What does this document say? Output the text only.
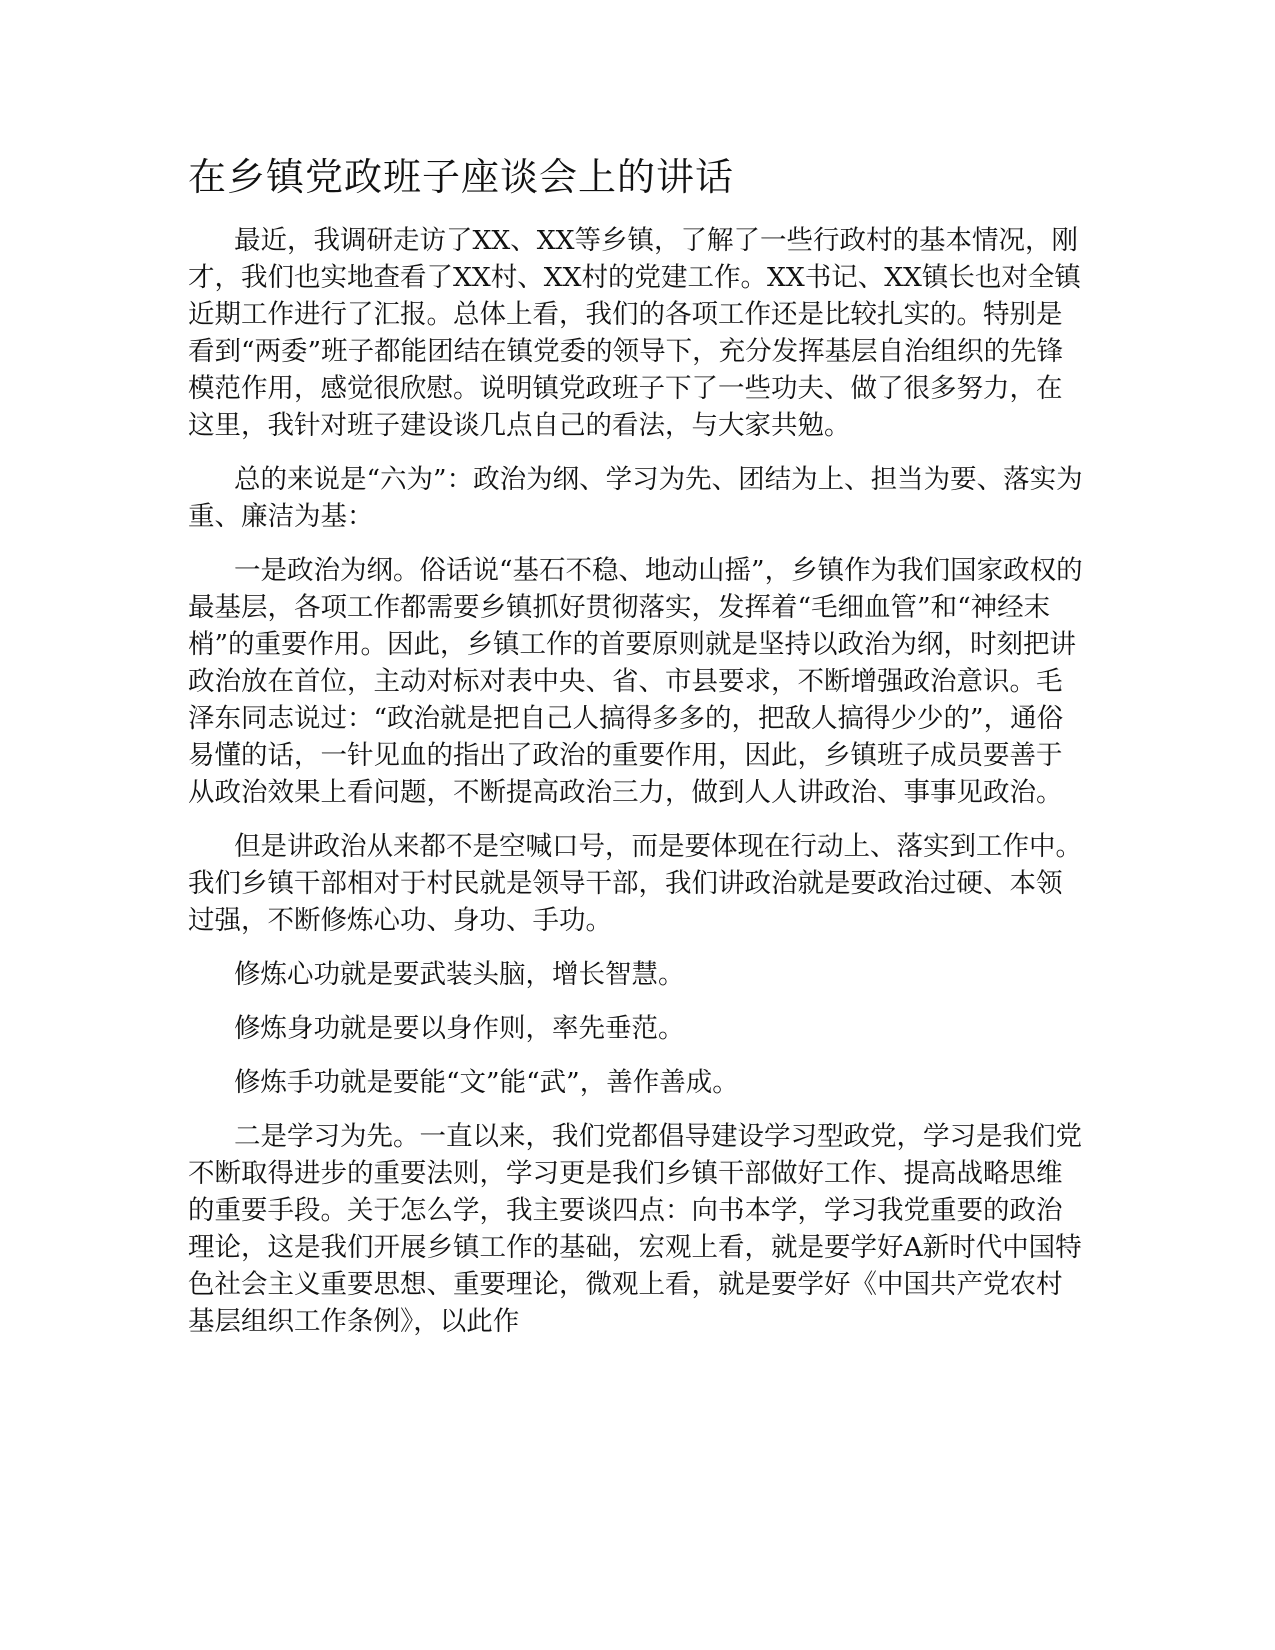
在乡镇党政班子座谈会上的讲话

最近，我调研走访了XX、XX等乡镇，了解了一些行政村的基本情况，刚才，我们也实地查看了XX村、XX村的党建工作。XX书记、XX镇长也对全镇近期工作进行了汇报。总体上看，我们的各项工作还是比较扎实的。特别是看到“两委”班子都能团结在镇党委的领导下，充分发挥基层自治组织的先锋模范作用，感觉很欣慰。说明镇党政班子下了一些功夫、做了很多努力，在这里，我针对班子建设谈几点自己的看法，与大家共勉。

总的来说是“六为”：政治为纲、学习为先、团结为上、担当为要、落实为重、廉洁为基：

一是政治为纲。俗话说“基石不稳、地动山摇”，乡镇作为我们国家政权的最基层，各项工作都需要乡镇抓好贯彻落实，发挥着“毛细血管”和“神经末梢”的重要作用。因此，乡镇工作的首要原则就是坚持以政治为纲，时刻把讲政治放在首位，主动对标对表中央、省、市县要求，不断增强政治意识。毛泽东同志说过：“政治就是把自己人搞得多多的，把敌人搞得少少的”，通俗易懂的话，一针见血的指出了政治的重要作用，因此，乡镇班子成员要善于从政治效果上看问题，不断提高政治三力，做到人人讲政治、事事见政治。

但是讲政治从来都不是空喊口号，而是要体现在行动上、落实到工作中。我们乡镇干部相对于村民就是领导干部，我们讲政治就是要政治过硬、本领过强，不断修炼心功、身功、手功。

修炼心功就是要武装头脑，增长智慧。

修炼身功就是要以身作则，率先垂范。

修炼手功就是要能“文”能“武”，善作善成。

二是学习为先。一直以来，我们党都倡导建设学习型政党，学习是我们党不断取得进步的重要法则，学习更是我们乡镇干部做好工作、提高战略思维的重要手段。关于怎么学，我主要谈四点：向书本学，学习我党重要的政治理论，这是我们开展乡镇工作的基础，宏观上看，就是要学好A新时代中国特色社会主义重要思想、重要理论，微观上看，就是要学好《中国共产党农村基层组织工作条例》，以此作
